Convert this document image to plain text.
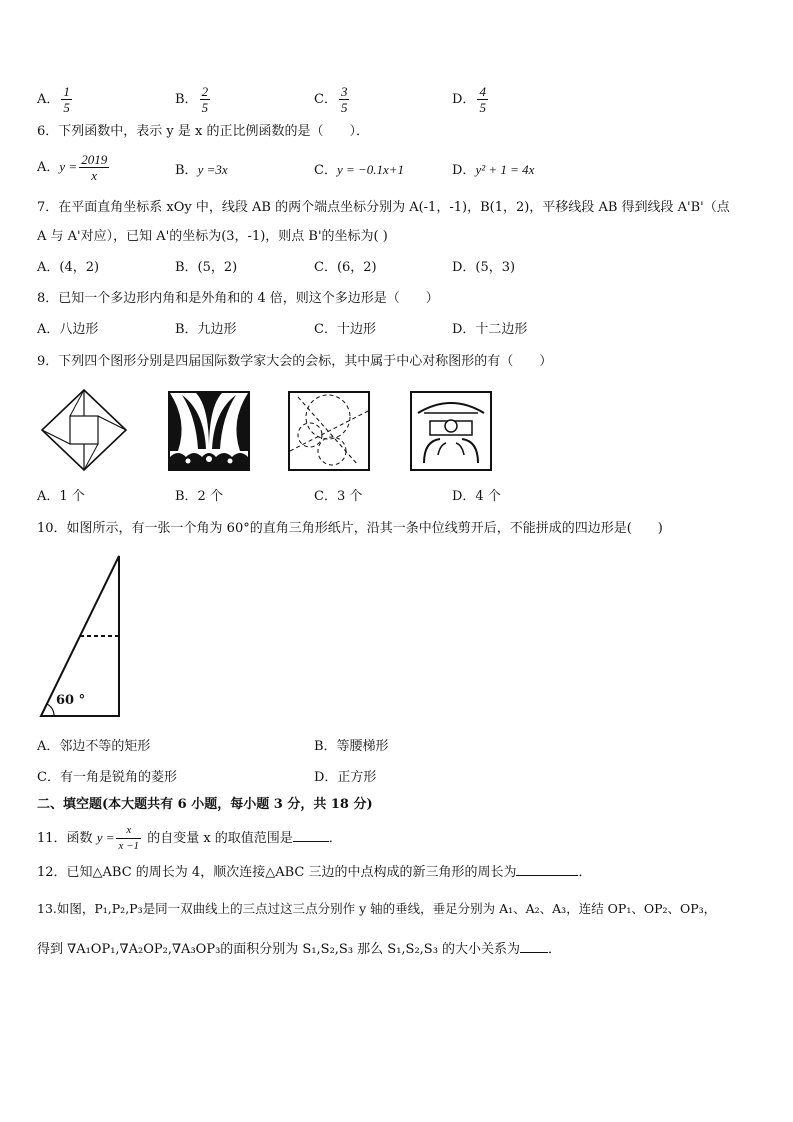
A． $\frac{1}{5}$	B． $\frac{2}{5}$	C． $\frac{3}{5}$	D． $\frac{4}{5}$
6．下列函数中，表示 y 是 x 的正比例函数的是（　　）．
A．$y = \frac{2019}{x}$	B．y =3x	C．y = −0.1x+1	D．y² + 1 = 4x
7．在平面直角坐标系 xOy 中，线段 AB 的两个端点坐标分别为 A(-1，-1)，B(1，2)，平移线段 AB 得到线段 A'B'（点
A 与 A'对应），已知 A'的坐标为(3，-1)，则点 B'的坐标为( )
A．(4，2)	B．(5，2)	C．(6，2)	D．(5，3)
8．已知一个多边形内角和是外角和的 4 倍，则这个多边形是（　　）
A．八边形	B．九边形	C．十边形	D．十二边形
9．下列四个图形分别是四届国际数学家大会的会标，其中属于中心对称图形的有（　　）
A．1 个	B．2 个	C．3 个	D．4 个
10．如图所示，有一张一个角为 60°的直角三角形纸片，沿其一条中位线剪开后，不能拼成的四边形是(　　)
60 °
A．邻边不等的矩形	B．等腰梯形
C．有一角是锐角的菱形	D．正方形
二、填空题(本大题共有 6 小题，每小题 3 分，共 18 分)
11．函数 $y = \frac{x}{x -1}$ 的自变量 x 的取值范围是	．
12．已知△ABC 的周长为 4，顺次连接△ABC 三边的中点构成的新三角形的周长为	．
13.如图，P₁,P₂,P₃是同一双曲线上的三点过这三点分别作 y 轴的垂线，垂足分别为 A₁、A₂、A₃，连结 OP₁、OP₂、OP₃，
得到 ∇A₁OP₁,∇A₂OP₂,∇A₃OP₃的面积分别为 S₁,S₂,S₃ 那么 S₁,S₂,S₃ 的大小关系为 ．
